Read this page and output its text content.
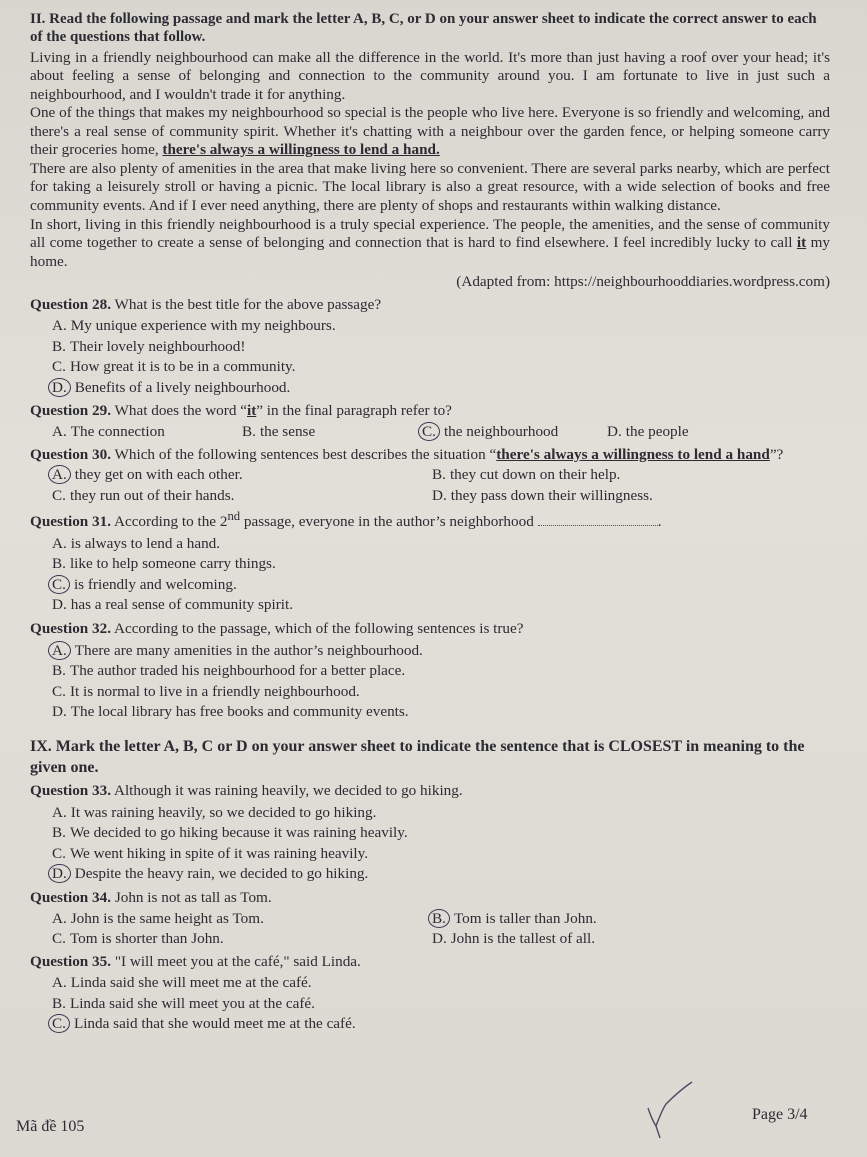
II. Read the following passage and mark the letter A, B, C, or D on your answer sheet to indicate the correct answer to each of the questions that follow.

Living in a friendly neighbourhood can make all the difference in the world. It's more than just having a roof over your head; it's about feeling a sense of belonging and connection to the community around you. I am fortunate to live in just such a neighbourhood, and I wouldn't trade it for anything.

One of the things that makes my neighbourhood so special is the people who live here. Everyone is so friendly and welcoming, and there's a real sense of community spirit. Whether it's chatting with a neighbour over the garden fence, or helping someone carry their groceries home, there's always a willingness to lend a hand.

There are also plenty of amenities in the area that make living here so convenient. There are several parks nearby, which are perfect for taking a leisurely stroll or having a picnic. The local library is also a great resource, with a wide selection of books and free community events. And if I ever need anything, there are plenty of shops and restaurants within walking distance.

In short, living in this friendly neighbourhood is a truly special experience. The people, the amenities, and the sense of community all come together to create a sense of belonging and connection that is hard to find elsewhere. I feel incredibly lucky to call it my home.

(Adapted from: https://neighbourhooddiaries.wordpress.com)

Question 28. What is the best title for the above passage?
A. My unique experience with my neighbours.
B. Their lovely neighbourhood!
C. How great it is to be in a community.
D. Benefits of a lively neighbourhood.
Question 29. What does the word “it” in the final paragraph refer to?
A. The connection	B. the sense	C. the neighbourhood	D. the people
Question 30. Which of the following sentences best describes the situation “there's always a willingness to lend a hand”?
A. they get on with each other.	B. they cut down on their help.
C. they run out of their hands.	D. they pass down their willingness.
Question 31. According to the 2nd passage, everyone in the author’s neighborhood	.
A. is always to lend a hand.
B. like to help someone carry things.
C. is friendly and welcoming.
D. has a real sense of community spirit.
Question 32. According to the passage, which of the following sentences is true?
A. There are many amenities in the author’s neighbourhood.
B. The author traded his neighbourhood for a better place.
C. It is normal to live in a friendly neighbourhood.
D. The local library has free books and community events.
IX. Mark the letter A, B, C or D on your answer sheet to indicate the sentence that is CLOSEST in meaning to the given one.
Question 33. Although it was raining heavily, we decided to go hiking.
A. It was raining heavily, so we decided to go hiking.
B. We decided to go hiking because it was raining heavily.
C. We went hiking in spite of it was raining heavily.
D. Despite the heavy rain, we decided to go hiking.
Question 34. John is not as tall as Tom.
A. John is the same height as Tom.	B. Tom is taller than John.
C. Tom is shorter than John.	D. John is the tallest of all.
Question 35. "I will meet you at the café," said Linda.
A. Linda said she will meet me at the café.
B. Linda said she will meet you at the café.
C. Linda said that she would meet me at the café.
Mã đề 105
Page 3/4
